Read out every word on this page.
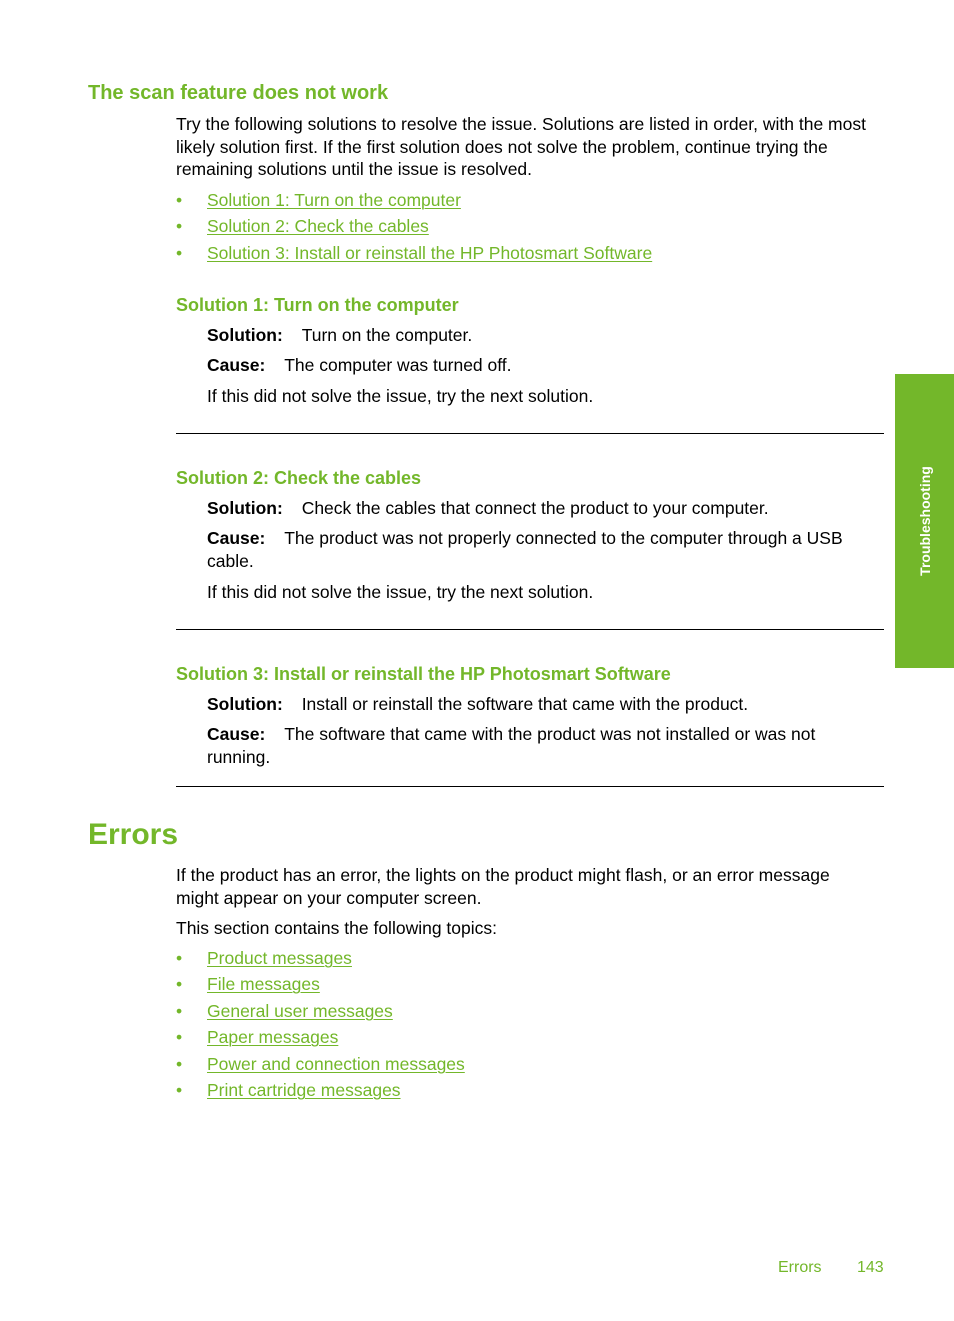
The scan feature does not work
Try the following solutions to resolve the issue. Solutions are listed in order, with the most
likely solution first. If the first solution does not solve the problem, continue trying the
remaining solutions until the issue is resolved.
• Solution 1: Turn on the computer
• Solution 2: Check the cables
• Solution 3: Install or reinstall the HP Photosmart Software
Solution 1: Turn on the computer
Solution: Turn on the computer.
Cause: The computer was turned off.
If this did not solve the issue, try the next solution.
Solution 2: Check the cables
Solution: Check the cables that connect the product to your computer.
Cause: The product was not properly connected to the computer through a USB
cable.
If this did not solve the issue, try the next solution.
Solution 3: Install or reinstall the HP Photosmart Software
Solution: Install or reinstall the software that came with the product.
Cause: The software that came with the product was not installed or was not
running.
Errors
If the product has an error, the lights on the product might flash, or an error message
might appear on your computer screen.
This section contains the following topics:
• Product messages
• File messages
• General user messages
• Paper messages
• Power and connection messages
• Print cartridge messages
Troubleshooting
Errors 143
